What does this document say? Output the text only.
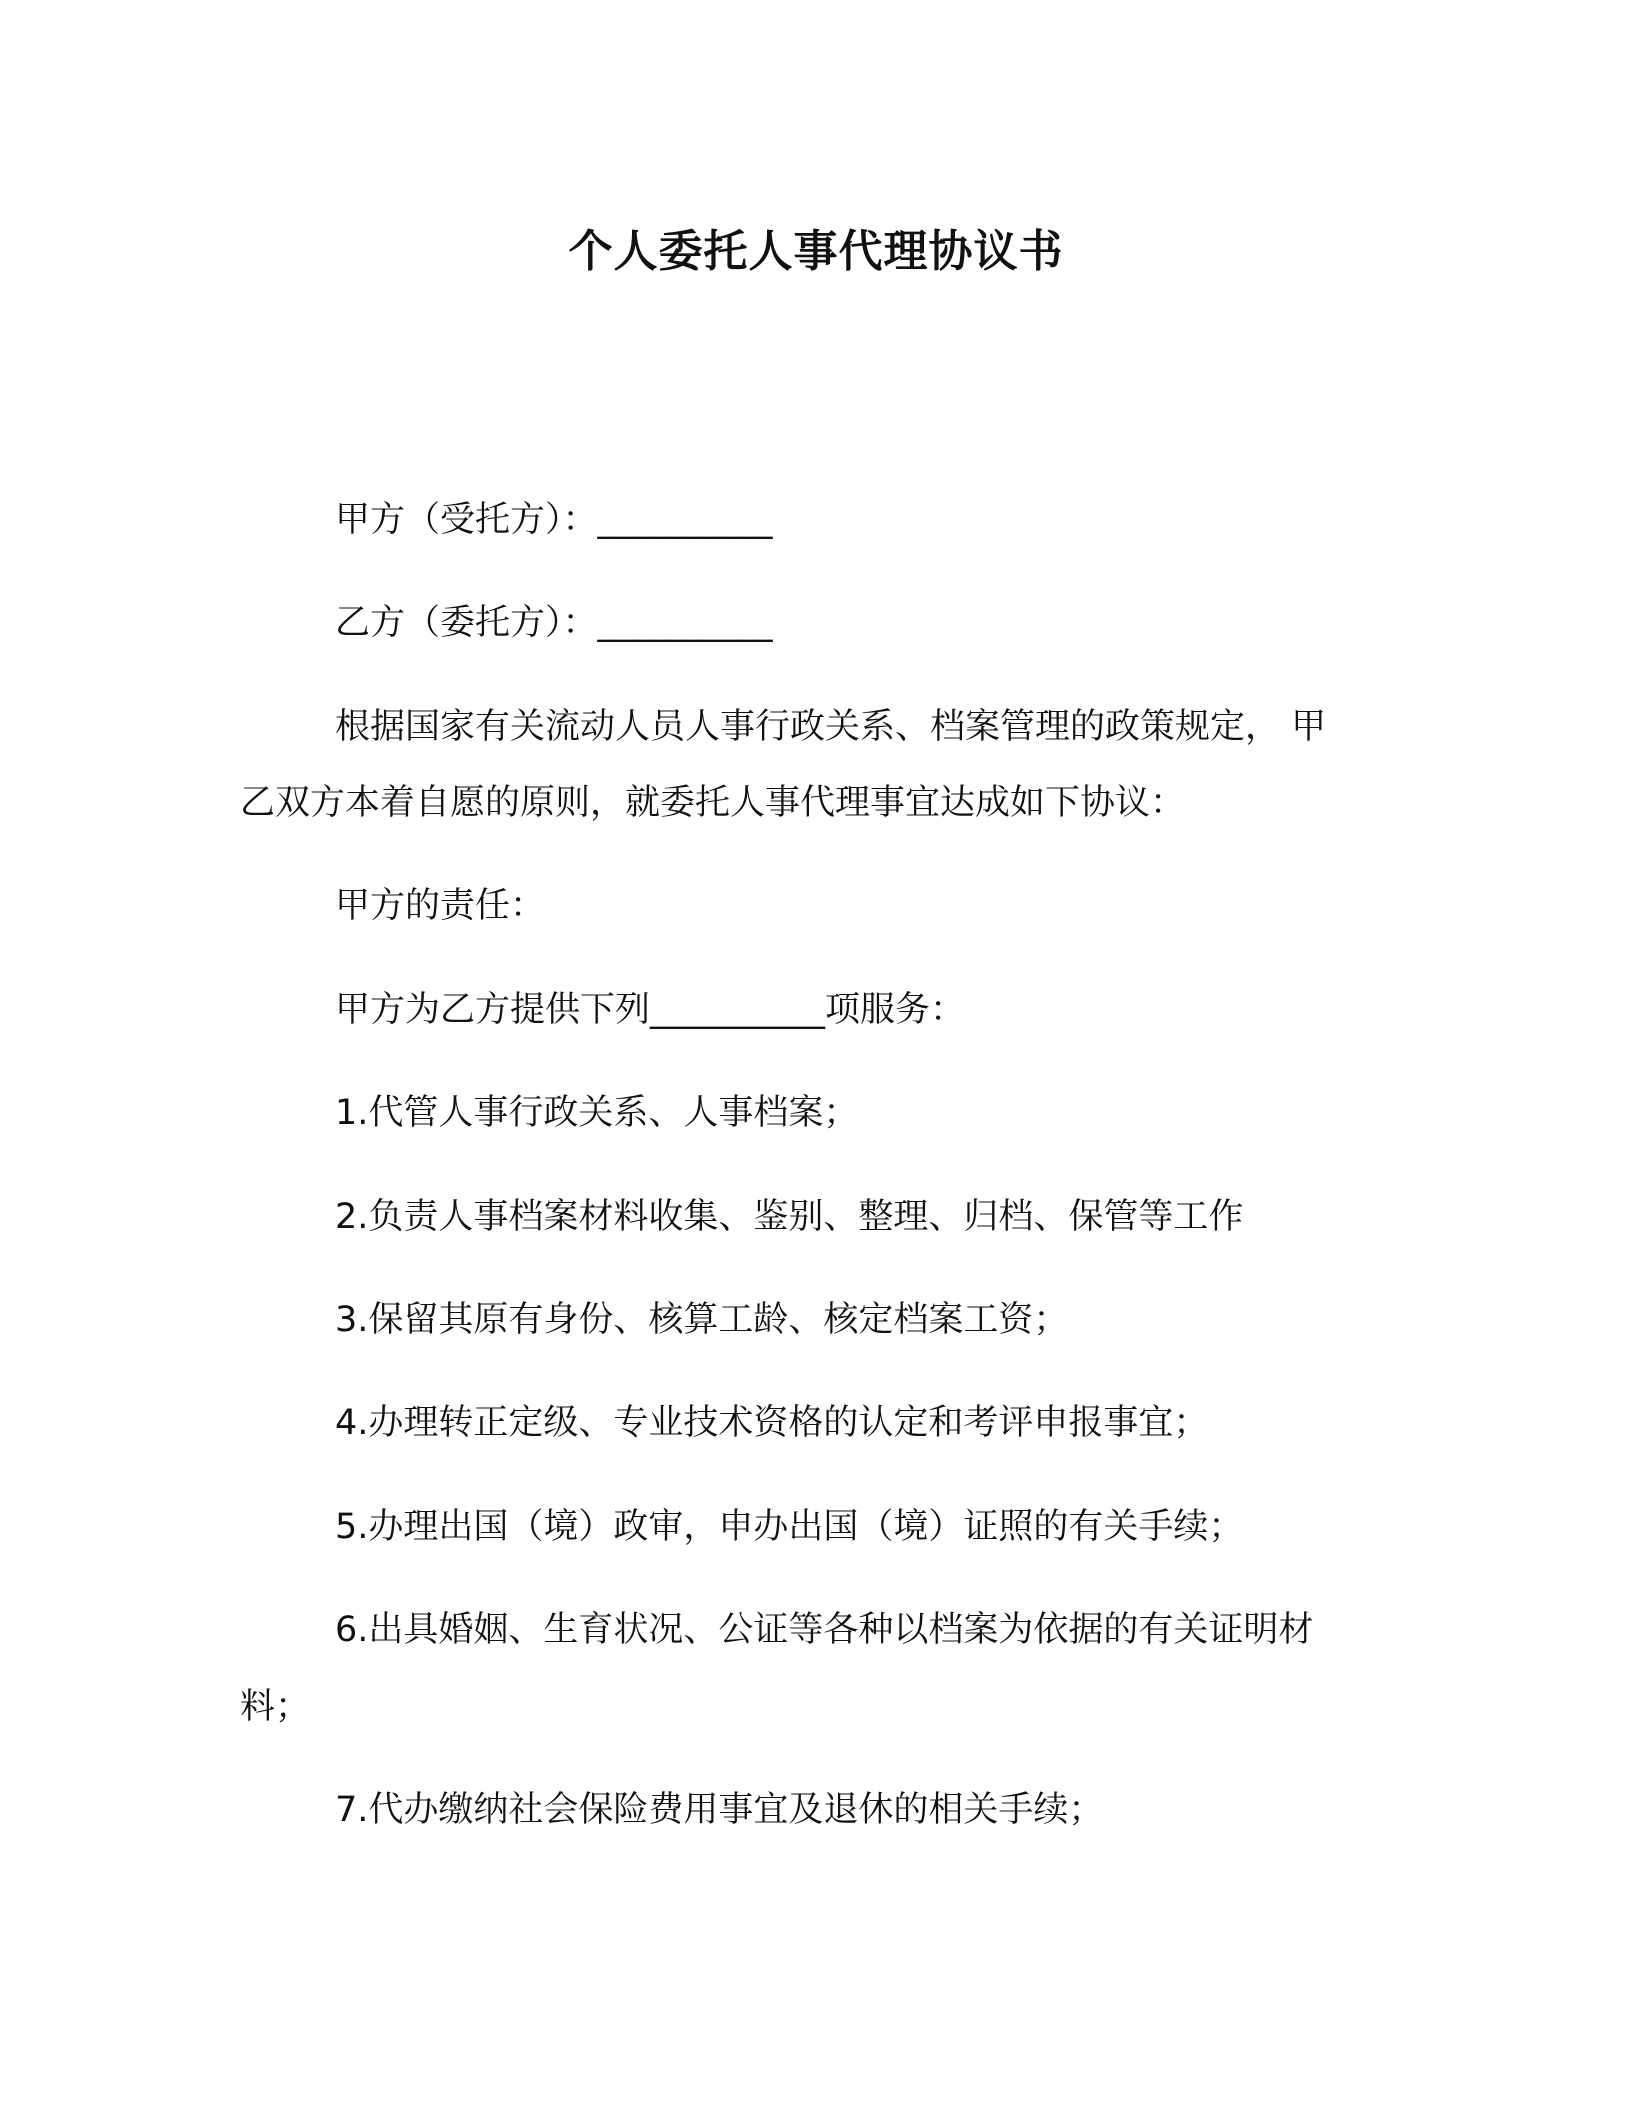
个人委托人事代理协议书
甲方（受托方）：__________
乙方（委托方）：__________
根据国家有关流动人员人事行政关系、档案管理的政策规定， 甲
乙双方本着自愿的原则，就委托人事代理事宜达成如下协议：
甲方的责任：
甲方为乙方提供下列__________项服务：
1.代管人事行政关系、人事档案；
2.负责人事档案材料收集、鉴别、整理、归档、保管等工作
3.保留其原有身份、核算工龄、核定档案工资；
4.办理转正定级、专业技术资格的认定和考评申报事宜；
5.办理出国（境）政审，申办出国（境）证照的有关手续；
6.出具婚姻、生育状况、公证等各种以档案为依据的有关证明材
料；
7.代办缴纳社会保险费用事宜及退休的相关手续；
